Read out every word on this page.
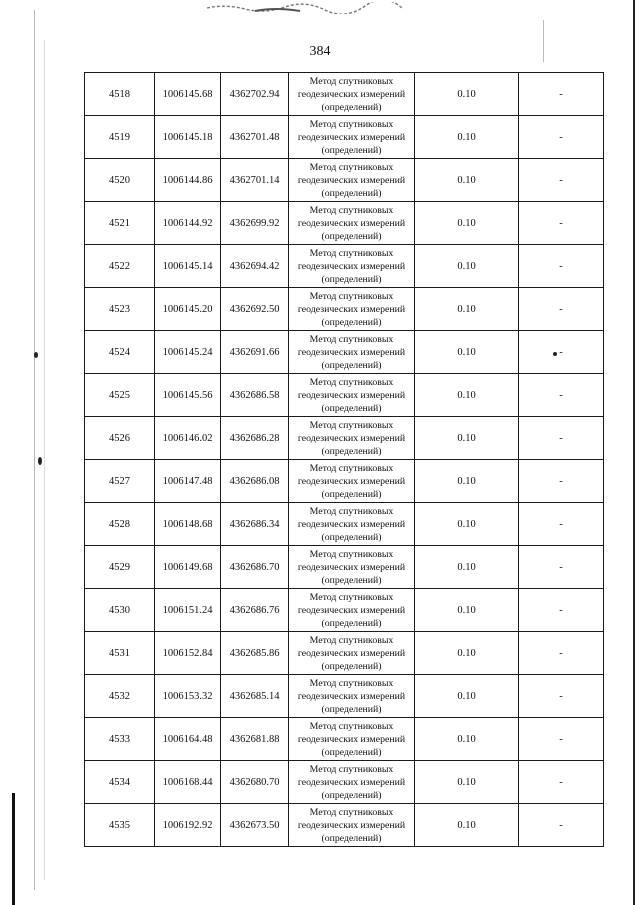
384
4518	1006145.68	4362702.94	Метод спутниковых
геодезических измерений
(определений)	0.10	-
4519	1006145.18	4362701.48	Метод спутниковых
геодезических измерений
(определений)	0.10	-
4520	1006144.86	4362701.14	Метод спутниковых
геодезических измерений
(определений)	0.10	-
4521	1006144.92	4362699.92	Метод спутниковых
геодезических измерений
(определений)	0.10	-
4522	1006145.14	4362694.42	Метод спутниковых
геодезических измерений
(определений)	0.10	-
4523	1006145.20	4362692.50	Метод спутниковых
геодезических измерений
(определений)	0.10	-
4524	1006145.24	4362691.66	Метод спутниковых
геодезических измерений
(определений)	0.10	-
4525	1006145.56	4362686.58	Метод спутниковых
геодезических измерений
(определений)	0.10	-
4526	1006146.02	4362686.28	Метод спутниковых
геодезических измерений
(определений)	0.10	-
4527	1006147.48	4362686.08	Метод спутниковых
геодезических измерений
(определений)	0.10	-
4528	1006148.68	4362686.34	Метод спутниковых
геодезических измерений
(определений)	0.10	-
4529	1006149.68	4362686.70	Метод спутниковых
геодезических измерений
(определений)	0.10	-
4530	1006151.24	4362686.76	Метод спутниковых
геодезических измерений
(определений)	0.10	-
4531	1006152.84	4362685.86	Метод спутниковых
геодезических измерений
(определений)	0.10	-
4532	1006153.32	4362685.14	Метод спутниковых
геодезических измерений
(определений)	0.10	-
4533	1006164.48	4362681.88	Метод спутниковых
геодезических измерений
(определений)	0.10	-
4534	1006168.44	4362680.70	Метод спутниковых
геодезических измерений
(определений)	0.10	-
4535	1006192.92	4362673.50	Метод спутниковых
геодезических измерений
(определений)	0.10	-
